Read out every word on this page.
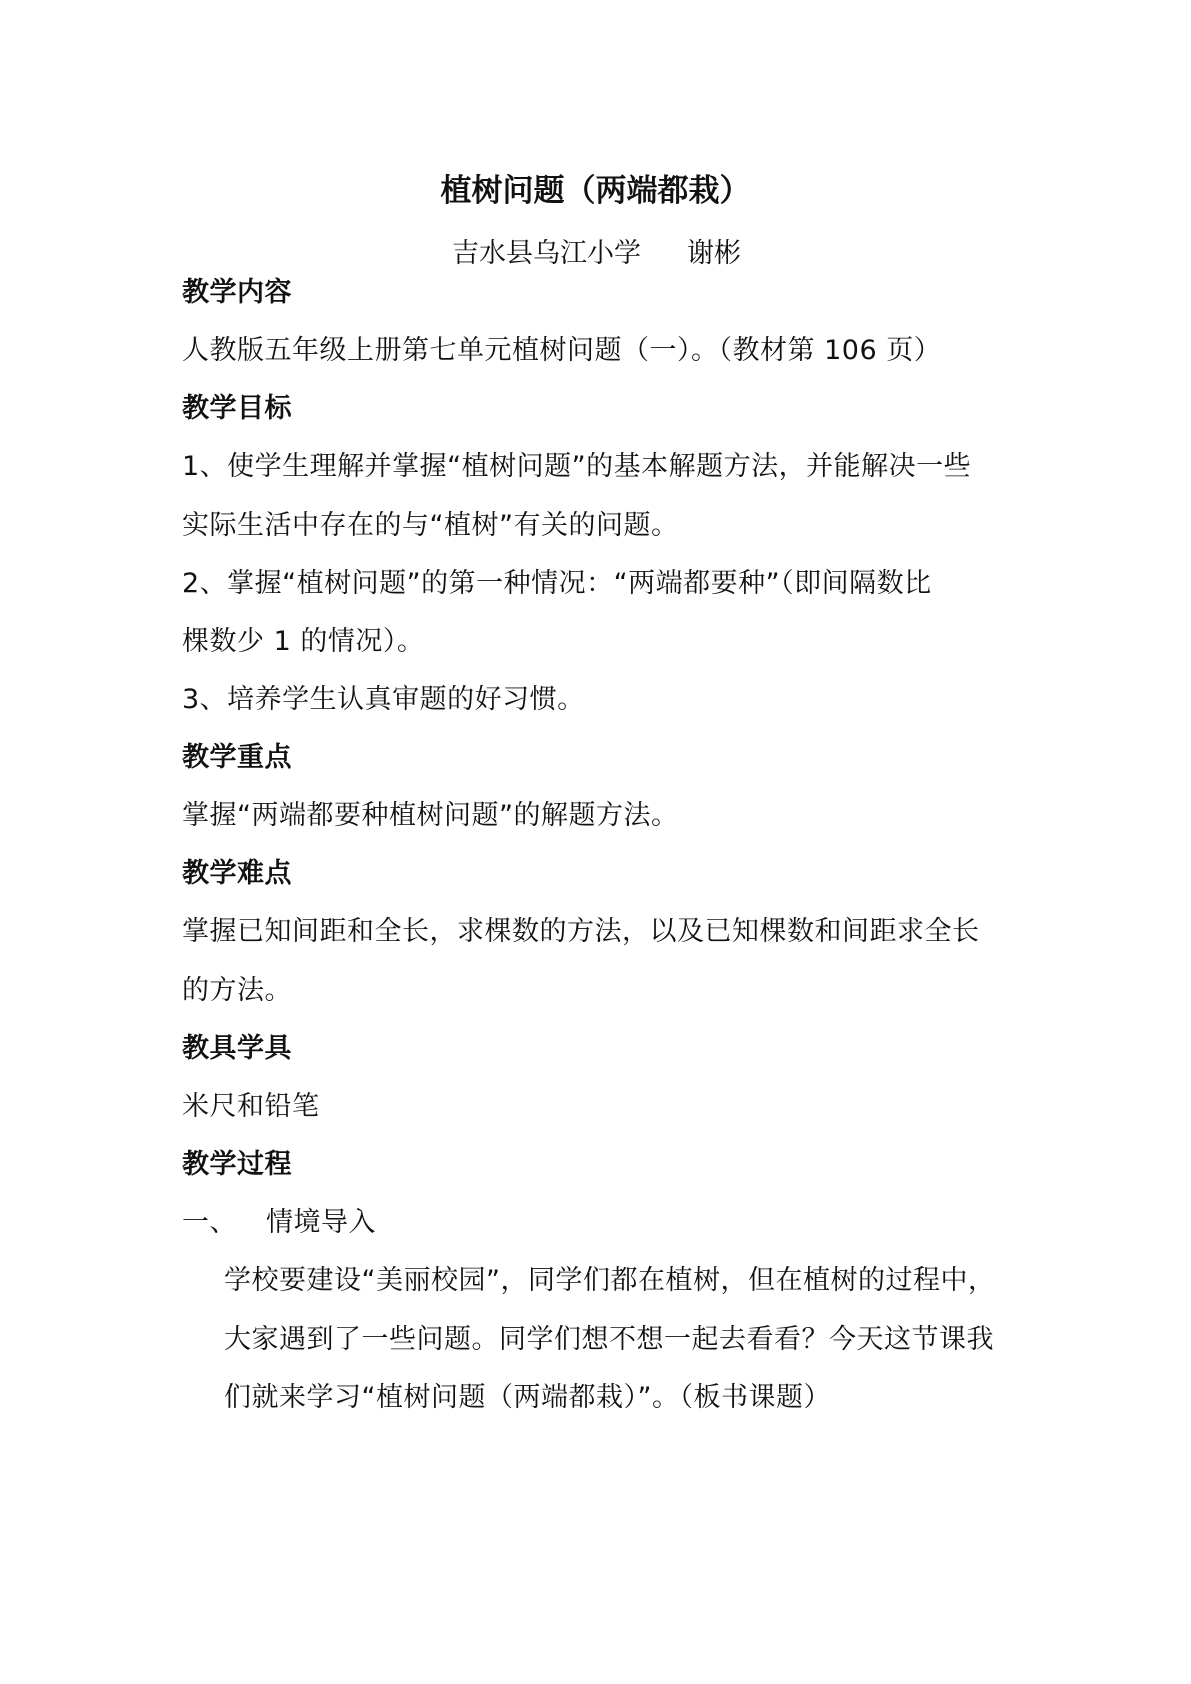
植树问题（两端都栽）
吉水县乌江小学 谢彬
教学内容
人教版五年级上册第七单元植树问题（一）。（教材第 106 页）
教学目标
1、使学生理解并掌握“植树问题”的基本解题方法，并能解决一些
实际生活中存在的与“植树”有关的问题。
2、掌握“植树问题”的第一种情况：“两端都要种”（即间隔数比
棵数少 1 的情况）。
3、培养学生认真审题的好习惯。
教学重点
掌握“两端都要种植树问题”的解题方法。
教学难点
掌握已知间距和全长，求棵数的方法，以及已知棵数和间距求全长
的方法。
教具学具
米尺和铅笔
教学过程
一、 情境导入
学校要建设“美丽校园”，同学们都在植树，但在植树的过程中，
大家遇到了一些问题。同学们想不想一起去看看？今天这节课我
们就来学习“植树问题（两端都栽）”。（板书课题）
